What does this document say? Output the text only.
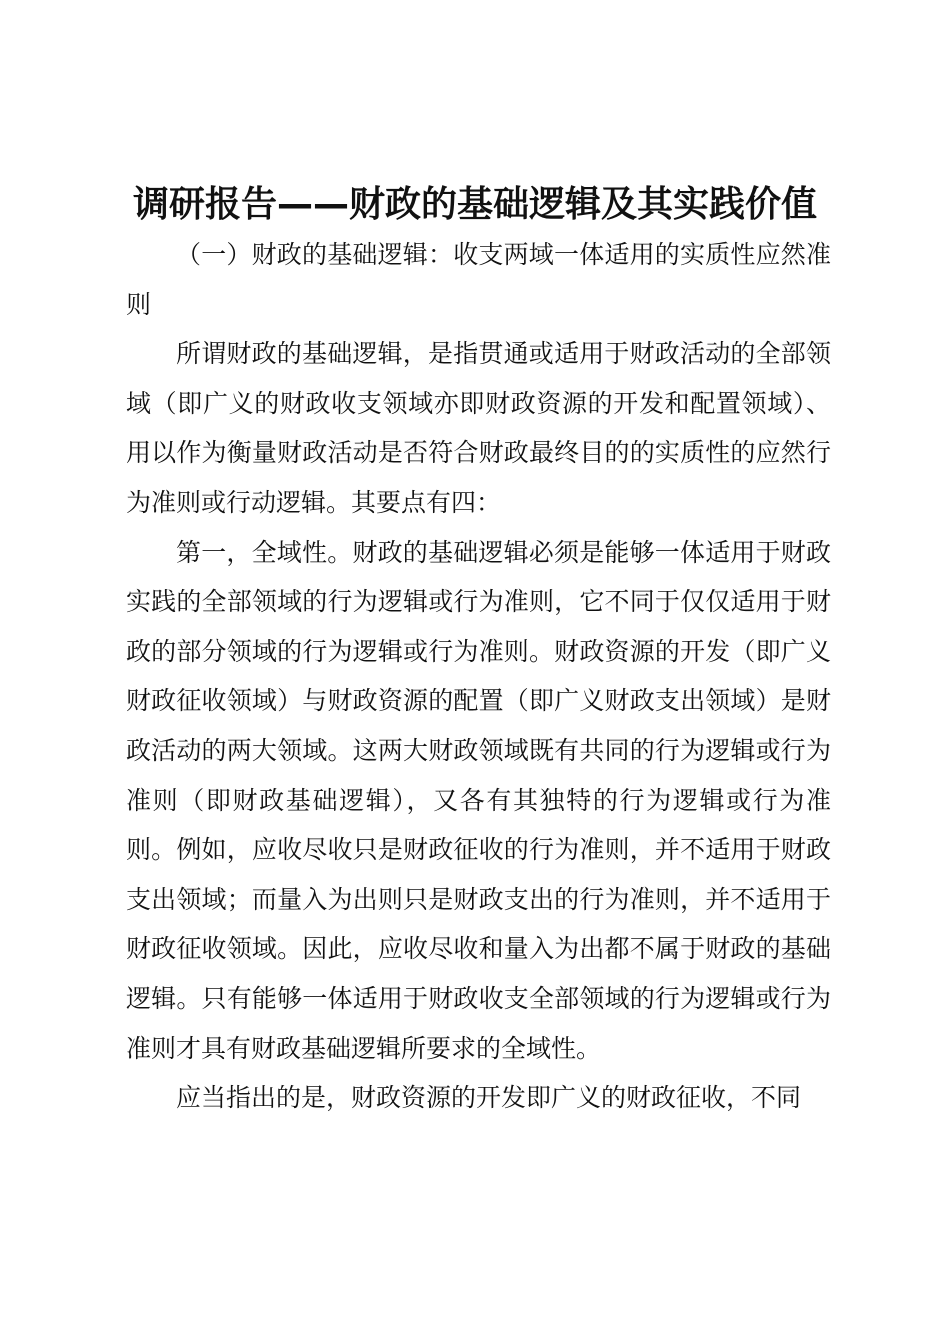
调研报告——财政的基础逻辑及其实践价值

（一）财政的基础逻辑：收支两域一体适用的实质性应然准则

所谓财政的基础逻辑，是指贯通或适用于财政活动的全部领域（即广义的财政收支领域亦即财政资源的开发和配置领域）、用以作为衡量财政活动是否符合财政最终目的的实质性的应然行为准则或行动逻辑。其要点有四：

第一，全域性。财政的基础逻辑必须是能够一体适用于财政实践的全部领域的行为逻辑或行为准则，它不同于仅仅适用于财政的部分领域的行为逻辑或行为准则。财政资源的开发（即广义财政征收领域）与财政资源的配置（即广义财政支出领域）是财政活动的两大领域。这两大财政领域既有共同的行为逻辑或行为准则（即财政基础逻辑），又各有其独特的行为逻辑或行为准则。例如，应收尽收只是财政征收的行为准则，并不适用于财政支出领域；而量入为出则只是财政支出的行为准则，并不适用于财政征收领域。因此，应收尽收和量入为出都不属于财政的基础逻辑。只有能够一体适用于财政收支全部领域的行为逻辑或行为准则才具有财政基础逻辑所要求的全域性。

应当指出的是，财政资源的开发即广义的财政征收，不同
